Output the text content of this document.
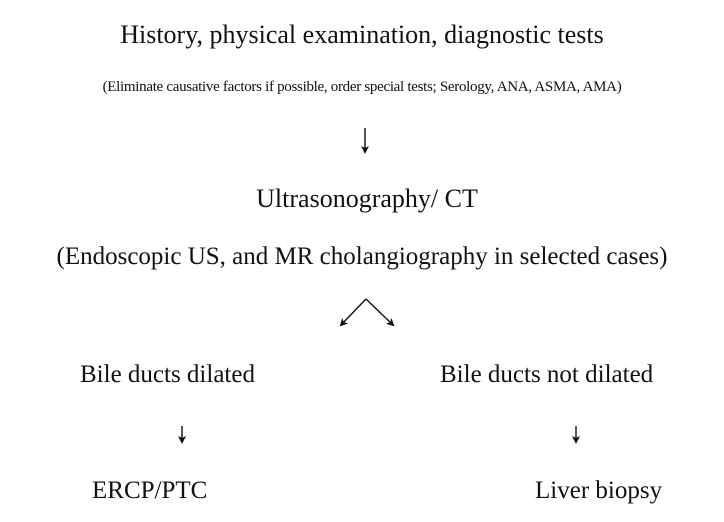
History, physical examination, diagnostic tests
(Eliminate causative factors if possible, order special tests; Serology, ANA, ASMA, AMA)
Ultrasonography/ CT
(Endoscopic US, and MR cholangiography in selected cases)
Bile ducts dilated	Bile ducts not dilated
ERCP/PTC	Liver biopsy
